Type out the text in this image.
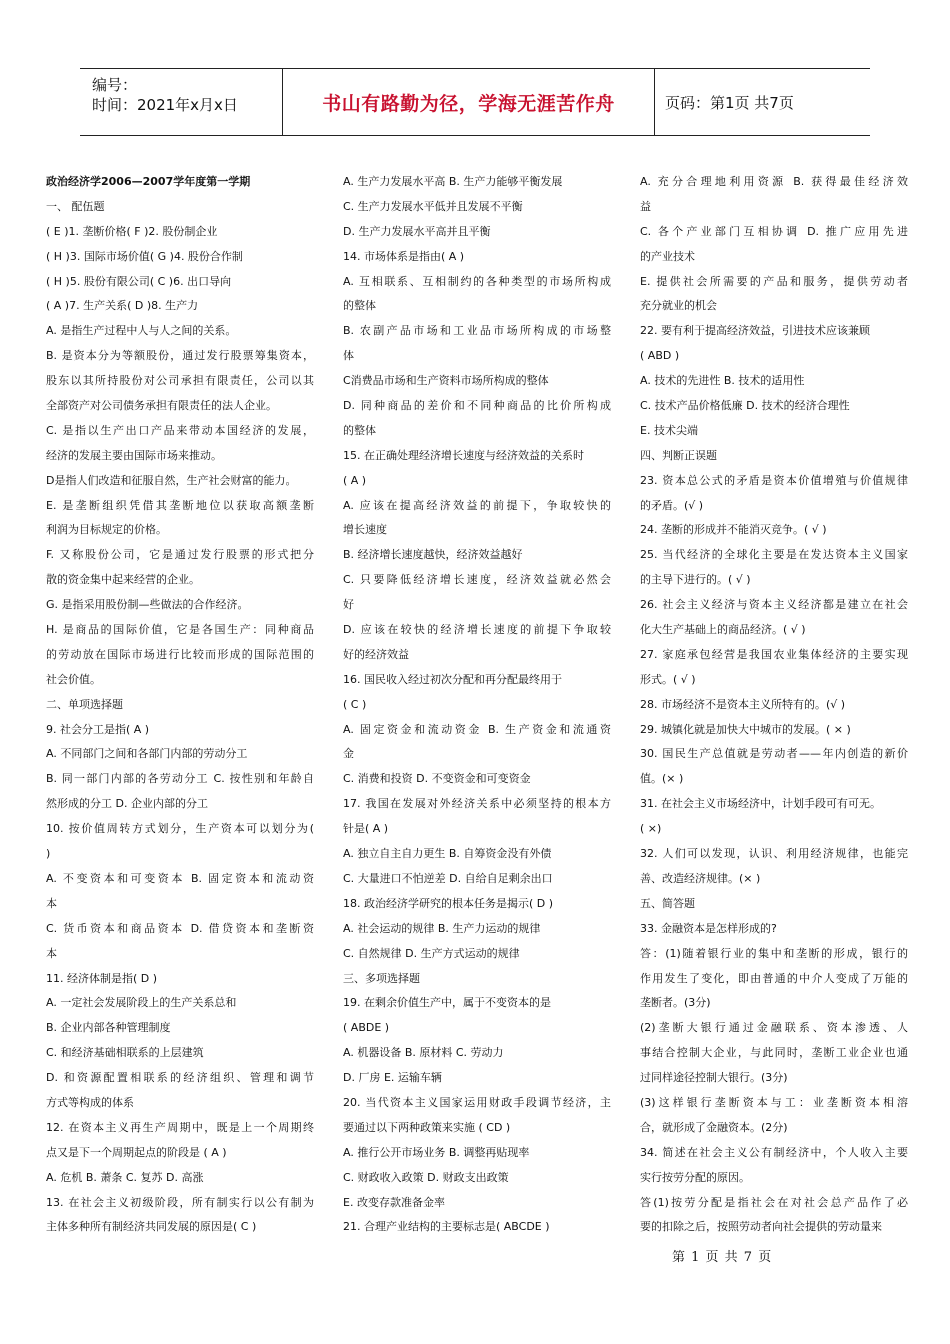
编号：
时间：2021年x月x日	书山有路勤为径，学海无涯苦作舟	页码：第1页 共7页
政治经济学2006—2007学年度第一学期
一、 配伍题
( E )1. 垄断价格( F )2. 股份制企业
( H )3. 国际市场价值( G )4. 股份合作制
( H )5. 股份有限公司( C )6. 出口导向
( A )7. 生产关系( D )8. 生产力
A. 是指生产过程中人与人之间的关系。
B. 是资本分为等额股份，通过发行股票筹集资本，
股东以其所持股份对公司承担有限责任，公司以其
全部资产对公司债务承担有限责任的法人企业。
C. 是指以生产出口产品来带动本国经济的发展，
经济的发展主要由国际市场来推动。
D是指人们改造和征服自然，生产社会财富的能力。
E. 是垄断组织凭借其垄断地位以获取高额垄断
利润为目标规定的价格。
F. 又称股份公司，它是通过发行股票的形式把分
散的资金集中起来经营的企业。
G. 是指采用股份制—些做法的合作经济。
H. 是商品的国际价值，它是各国生产：同种商品
的劳动放在国际市场进行比较而形成的国际范围的
社会价值。
二、单项选择题
9. 社会分工是指( A )
A. 不同部门之间和各部门内部的劳动分工
B. 同一部门内部的各劳动分工 C. 按性别和年龄自
然形成的分工 D. 企业内部的分工
10. 按价值周转方式划分，生产资本可以划分为(
)
A. 不变资本和可变资本 B. 固定资本和流动资
本
C. 货币资本和商品资本 D. 借贷资本和垄断资
本
11. 经济体制是指( D )
A. 一定社会发展阶段上的生产关系总和
B. 企业内部各种管理制度
C. 和经济基础相联系的上层建筑
D. 和资源配置相联系的经济组织、管理和调节
方式等构成的体系
12. 在资本主义再生产周期中，既是上一个周期终
点又是下一个周期起点的阶段是 ( A )
A. 危机 B. 萧条 C. 复苏 D. 高涨
13. 在社会主义初级阶段，所有制实行以公有制为
主体多种所有制经济共同发展的原因是( C )
A. 生产力发展水平高 B. 生产力能够平衡发展
C. 生产力发展水平低并且发展不平衡
D. 生产力发展水平高并且平衡
14. 市场体系是指由( A )
A. 互相联系、互相制约的各种类型的市场所构成
的整体
B. 农副产品市场和工业品市场所构成的市场整
体
C消费品市场和生产资料市场所构成的整体
D. 同种商品的差价和不同种商品的比价所构成
的整体
15. 在正确处理经济增长速度与经济效益的关系时
( A )
A. 应该在提高经济效益的前提下，争取较快的
增长速度
B. 经济增长速度越快，经济效益越好
C. 只要降低经济增长速度，经济效益就必然会
好
D. 应该在较快的经济增长速度的前提下争取较
好的经济效益
16. 国民收入经过初次分配和再分配最终用于
( C )
A. 固定资金和流动资金 B. 生产资金和流通资
金
C. 消费和投资 D. 不变资金和可变资金
17. 我国在发展对外经济关系中必须坚持的根本方
针是( A )
A. 独立自主自力更生 B. 自筹资金没有外债
C. 大量进口不怕逆差 D. 自给自足剩余出口
18. 政治经济学研究的根本任务是揭示( D )
A. 社会运动的规律 B. 生产力运动的规律
C. 自然规律 D. 生产方式运动的规律
三、多项选择题
19. 在剩余价值生产中，属于不变资本的是
( ABDE )
A. 机器设备 B. 原材料 C. 劳动力
D. 厂房 E. 运输车辆
20. 当代资本主义国家运用财政手段调节经济，主
要通过以下两种政策来实施 ( CD )
A. 推行公开市场业务 B. 调整再贴现率
C. 财政收入政策 D. 财政支出政策
E. 改变存款准备金率
21. 合理产业结构的主要标志是( ABCDE )
A. 充分合理地利用资源 B. 获得最佳经济效
益
C. 各个产业部门互相协调 D. 推广应用先进
的产业技术
E. 提供社会所需要的产品和服务，提供劳动者
充分就业的机会
22. 要有利于提高经济效益，引进技术应该兼顾
( ABD )
A. 技术的先进性 B. 技术的适用性
C. 技术产品价格低廉 D. 技术的经济合理性
E. 技术尖端
四、判断正误题
23. 资本总公式的矛盾是资本价值增殖与价值规律
的矛盾。(√ )
24. 垄断的形成并不能消灭竞争。( √ )
25. 当代经济的全球化主要是在发达资本主义国家
的主导下进行的。( √ )
26. 社会主义经济与资本主义经济都是建立在社会
化大生产基础上的商品经济。( √ )
27. 家庭承包经营是我国农业集体经济的主要实现
形式。( √ )
28. 市场经济不是资本主义所特有的。(√ )
29. 城镇化就是加快大中城市的发展。( × )
30. 国民生产总值就是劳动者——年内创造的新价
值。(× )
31. 在社会主义市场经济中，计划手段可有可无。
( ×)
32. 人们可以发现，认识、利用经济规律，也能完
善、改造经济规律。(× )
五、简答题
33. 金融资本是怎样形成的?
答：(1)随着银行业的集中和垄断的形成，银行的
作用发生了变化，即由普通的中介人变成了万能的
垄断者。(3分)
(2)垄断大银行通过金融联系、资本渗透、人
事结合控制大企业，与此同时，垄断工业企业也通
过同样途径控制大银行。(3分)
(3)这样银行垄断资本与工：业垄断资本相溶
合，就形成了金融资本。(2分)
34. 简述在社会主义公有制经济中，个人收入主要
实行按劳分配的原因。
答(1)按劳分配是指社会在对社会总产品作了必
要的扣除之后，按照劳动者向社会提供的劳动量来
第 1 页 共 7 页
